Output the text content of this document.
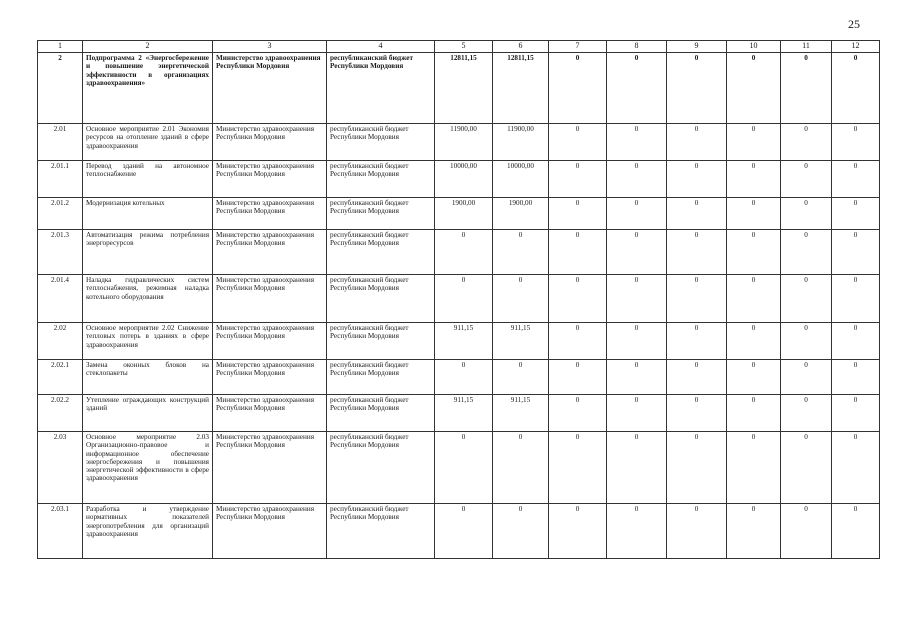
25
1	2	3	4	5	6	7	8	9	10	11	12
2	Подпрограмма 2 «Энергосбережение и повышение энергетической эффективности в организациях здравоохранения»	Министерство здравоохранения Республики Мордовия	республиканский бюджет Республики Мордовия	12811,15	12811,15	0	0	0	0	0	0
2.01	Основное мероприятие 2.01 Экономия ресурсов на отопление зданий в сфере здравоохранения	Министерство здравоохранения Республики Мордовия	республиканский бюджет Республики Мордовия	11900,00	11900,00	0	0	0	0	0	0
2.01.1	Перевод зданий на автономное теплоснабжение	Министерство здравоохранения Республики Мордовия	республиканский бюджет Республики Мордовия	10000,00	10000,00	0	0	0	0	0	0
2.01.2	Модернизация котельных	Министерство здравоохранения Республики Мордовия	республиканский бюджет Республики Мордовия	1900,00	1900,00	0	0	0	0	0	0
2.01.3	Автоматизация режима потребления энергоресурсов	Министерство здравоохранения Республики Мордовия	республиканский бюджет Республики Мордовия	0	0	0	0	0	0	0	0
2.01.4	Наладка гидравлических систем теплоснабжения, режимная наладка котельного оборудования	Министерство здравоохранения Республики Мордовия	республиканский бюджет Республики Мордовия	0	0	0	0	0	0	0	0
2.02	Основное мероприятие 2.02 Снижение тепловых потерь в зданиях в сфере здравоохранения	Министерство здравоохранения Республики Мордовия	республиканский бюджет Республики Мордовия	911,15	911,15	0	0	0	0	0	0
2.02.1	Замена оконных блоков на стеклопакеты	Министерство здравоохранения Республики Мордовия	республиканский бюджет Республики Мордовия	0	0	0	0	0	0	0	0
2.02.2	Утепление ограждающих конструкций зданий	Министерство здравоохранения Республики Мордовия	республиканский бюджет Республики Мордовия	911,15	911,15	0	0	0	0	0	0
2.03	Основное мероприятие 2.03 Организационно-правовое и информационное обеспечение энергосбережения и повышения энергетической эффективности в сфере здравоохранения	Министерство здравоохранения Республики Мордовия	республиканский бюджет Республики Мордовия	0	0	0	0	0	0	0	0
2.03.1	Разработка и утверждение нормативных показателей энергопотребления для организаций здравоохранения	Министерство здравоохранения Республики Мордовия	республиканский бюджет Республики Мордовия	0	0	0	0	0	0	0	0
